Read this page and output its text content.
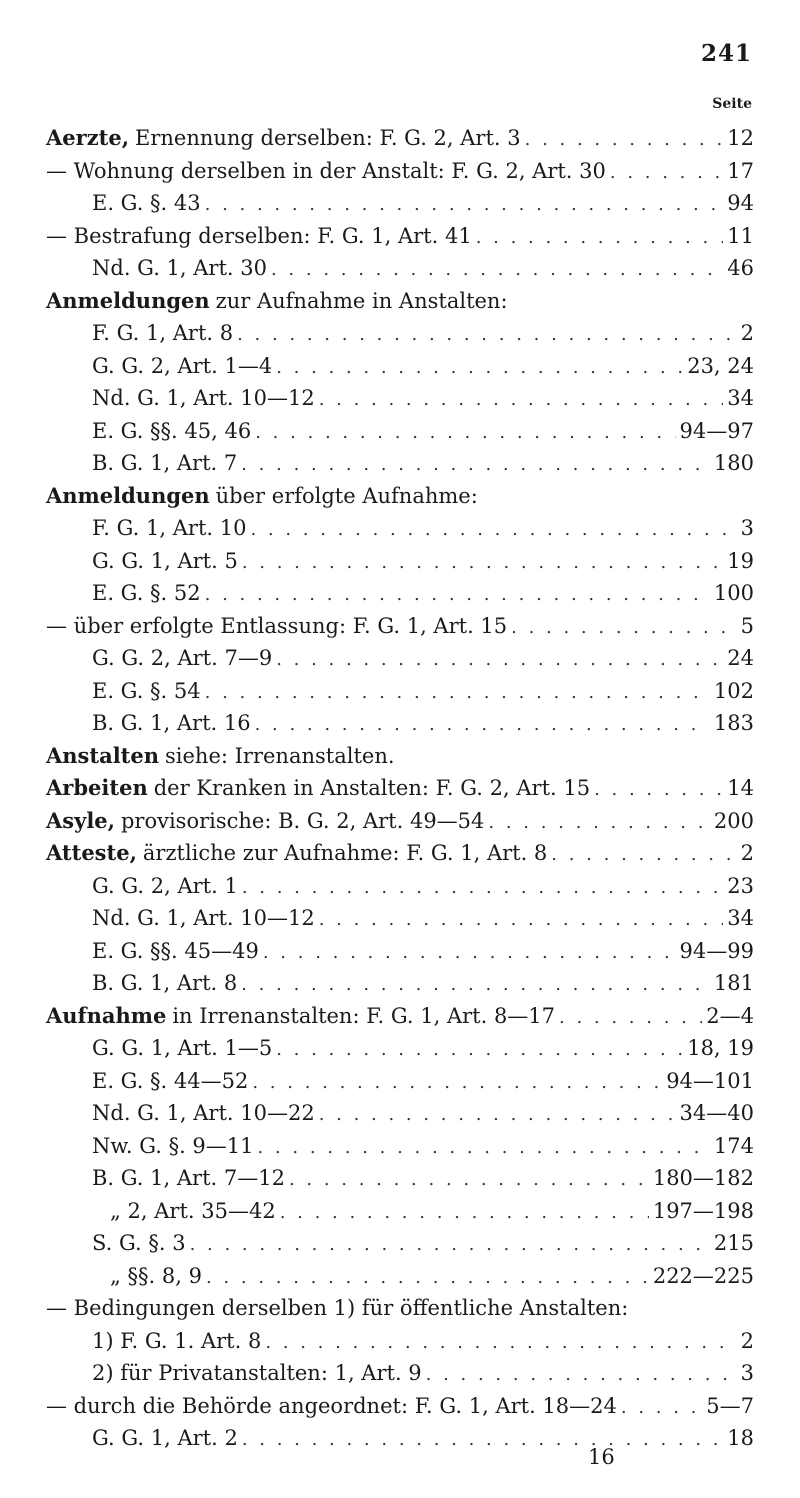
241
Seite
Aerzte, Ernennung derselben: F. G. 2, Art. 3 . . .	12
— Wohnung derselben in der Anstalt: F. G. 2, Art. 30 . . .	17
E. G. §. 43 . . .	94
— Bestrafung derselben: F. G. 1, Art. 41 . . .	11
Nd. G. 1, Art. 30 . . .	46
Anmeldungen zur Aufnahme in Anstalten:
F. G. 1, Art. 8 . . .	2
G. G. 2, Art. 1—4 . . .	23, 24
Nd. G. 1, Art. 10—12 . . .	34
E. G. §§. 45, 46 . . .	94—97
B. G. 1, Art. 7 . . .	180
Anmeldungen über erfolgte Aufnahme:
F. G. 1, Art. 10 . . .	3
G. G. 1, Art. 5 . . .	19
E. G. §. 52 . . .	100
— über erfolgte Entlassung: F. G. 1, Art. 15 . . .	5
G. G. 2, Art. 7—9 . . .	24
E. G. §. 54 . . .	102
B. G. 1, Art. 16 . . .	183
Anstalten siehe: Irrenanstalten.
Arbeiten der Kranken in Anstalten: F. G. 2, Art. 15 . . .	14
Asyle, provisorische: B. G. 2, Art. 49—54 . . .	200
Atteste, ärztliche zur Aufnahme: F. G. 1, Art. 8 . . .	2
G. G. 2, Art. 1 . . .	23
Nd. G. 1, Art. 10—12 . . .	34
E. G. §§. 45—49 . . .	94—99
B. G. 1, Art. 8 . . .	181
Aufnahme in Irrenanstalten: F. G. 1, Art. 8—17 . . .	2—4
G. G. 1, Art. 1—5 . . .	18, 19
E. G. §. 44—52 . . .	94—101
Nd. G. 1, Art. 10—22 . . .	34—40
Nw. G. §. 9—11 . . .	174
B. G. 1, Art. 7—12 . . .	180—182
„ 2, Art. 35—42 . . .	197—198
S. G. §. 3 . . .	215
„ §§. 8, 9 . . .	222—225
— Bedingungen derselben 1) für öffentliche Anstalten:
1) F. G. 1. Art. 8 . . .	2
2) für Privatanstalten: 1, Art. 9 . . .	3
— durch die Behörde angeordnet: F. G. 1, Art. 18—24 . . .	5—7
G. G. 1, Art. 2 . . .	18
16
